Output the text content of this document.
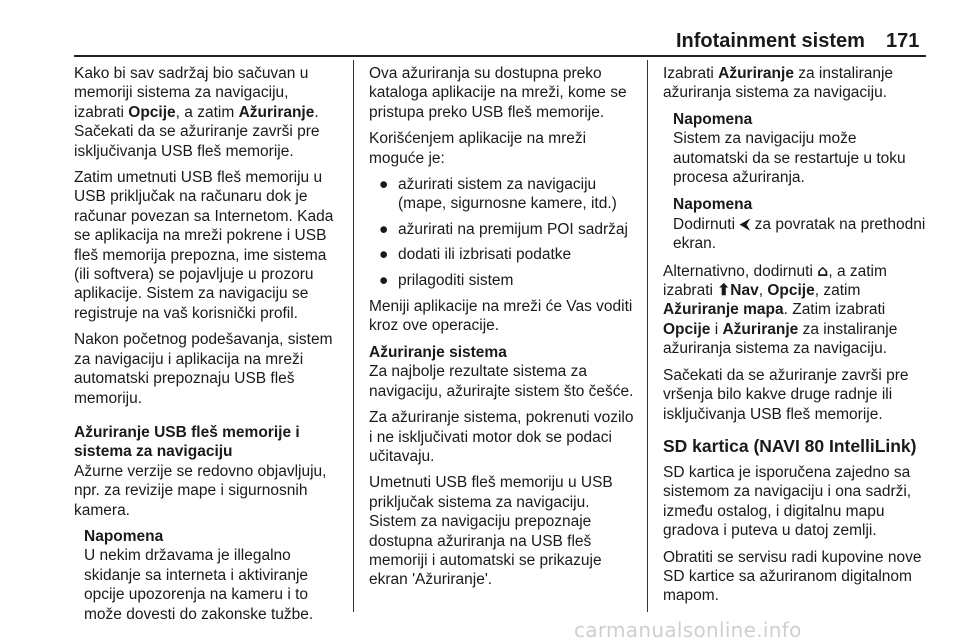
Infotainment sistem 171

Kako bi sav sadržaj bio sačuvan u memoriji sistema za navigaciju, izabrati Opcije, a zatim Ažuriranje. Sačekati da se ažuriranje završi pre isključivanja USB fleš memorije.

Zatim umetnuti USB fleš memoriju u USB priključak na računaru dok je računar povezan sa Internetom. Kada se aplikacija na mreži pokrene i USB fleš memorija prepozna, ime sistema (ili softvera) se pojavljuje u prozoru aplikacije. Sistem za navigaciju se registruje na vaš korisnički profil.

Nakon početnog podešavanja, sistem za navigaciju i aplikacija na mreži automatski prepoznaju USB fleš memoriju.

Ažuriranje USB fleš memorije i sistema za navigaciju

Ažurne verzije se redovno objavljuju, npr. za revizije mape i sigurnosnih kamera.

Napomena

U nekim državama je illegalno skidanje sa interneta i aktiviranje opcije upozorenja na kameru i to može dovesti do zakonske tužbe.

Ova ažuriranja su dostupna preko kataloga aplikacije na mreži, kome se pristupa preko USB fleš memorije.

Korišćenjem aplikacije na mreži moguće je:

● ažurirati sistem za navigaciju (mape, sigurnosne kamere, itd.)
● ažurirati na premijum POI sadržaj
● dodati ili izbrisati podatke
● prilagoditi sistem

Meniji aplikacije na mreži će Vas voditi kroz ove operacije.

Ažuriranje sistema

Za najbolje rezultate sistema za navigaciju, ažurirajte sistem što češće.

Za ažuriranje sistema, pokrenuti vozilo i ne isključivati motor dok se podaci učitavaju.

Umetnuti USB fleš memoriju u USB priključak sistema za navigaciju. Sistem za navigaciju prepoznaje dostupna ažuriranja na USB fleš memoriji i automatski se prikazuje ekran 'Ažuriranje'.

Izabrati Ažuriranje za instaliranje ažuriranja sistema za navigaciju.

Napomena

Sistem za navigaciju može automatski da se restartuje u toku procesa ažuriranja.

Napomena

Dodirnuti ⮜ za povratak na prethodni ekran.

Alternativno, dodirnuti ⌂, a zatim izabrati ⬆Nav, Opcije, zatim Ažuriranje mapa. Zatim izabrati Opcije i Ažuriranje za instaliranje ažuriranja sistema za navigaciju.

Sačekati da se ažuriranje završi pre vršenja bilo kakve druge radnje ili isključivanja USB fleš memorije.

SD kartica (NAVI 80 IntelliLink)

SD kartica je isporučena zajedno sa sistemom za navigaciju i ona sadrži, između ostalog, i digitalnu mapu gradova i puteva u datoj zemlji.

Obratiti se servisu radi kupovine nove SD kartice sa ažuriranom digitalnom mapom.

carmanualsonline.info
